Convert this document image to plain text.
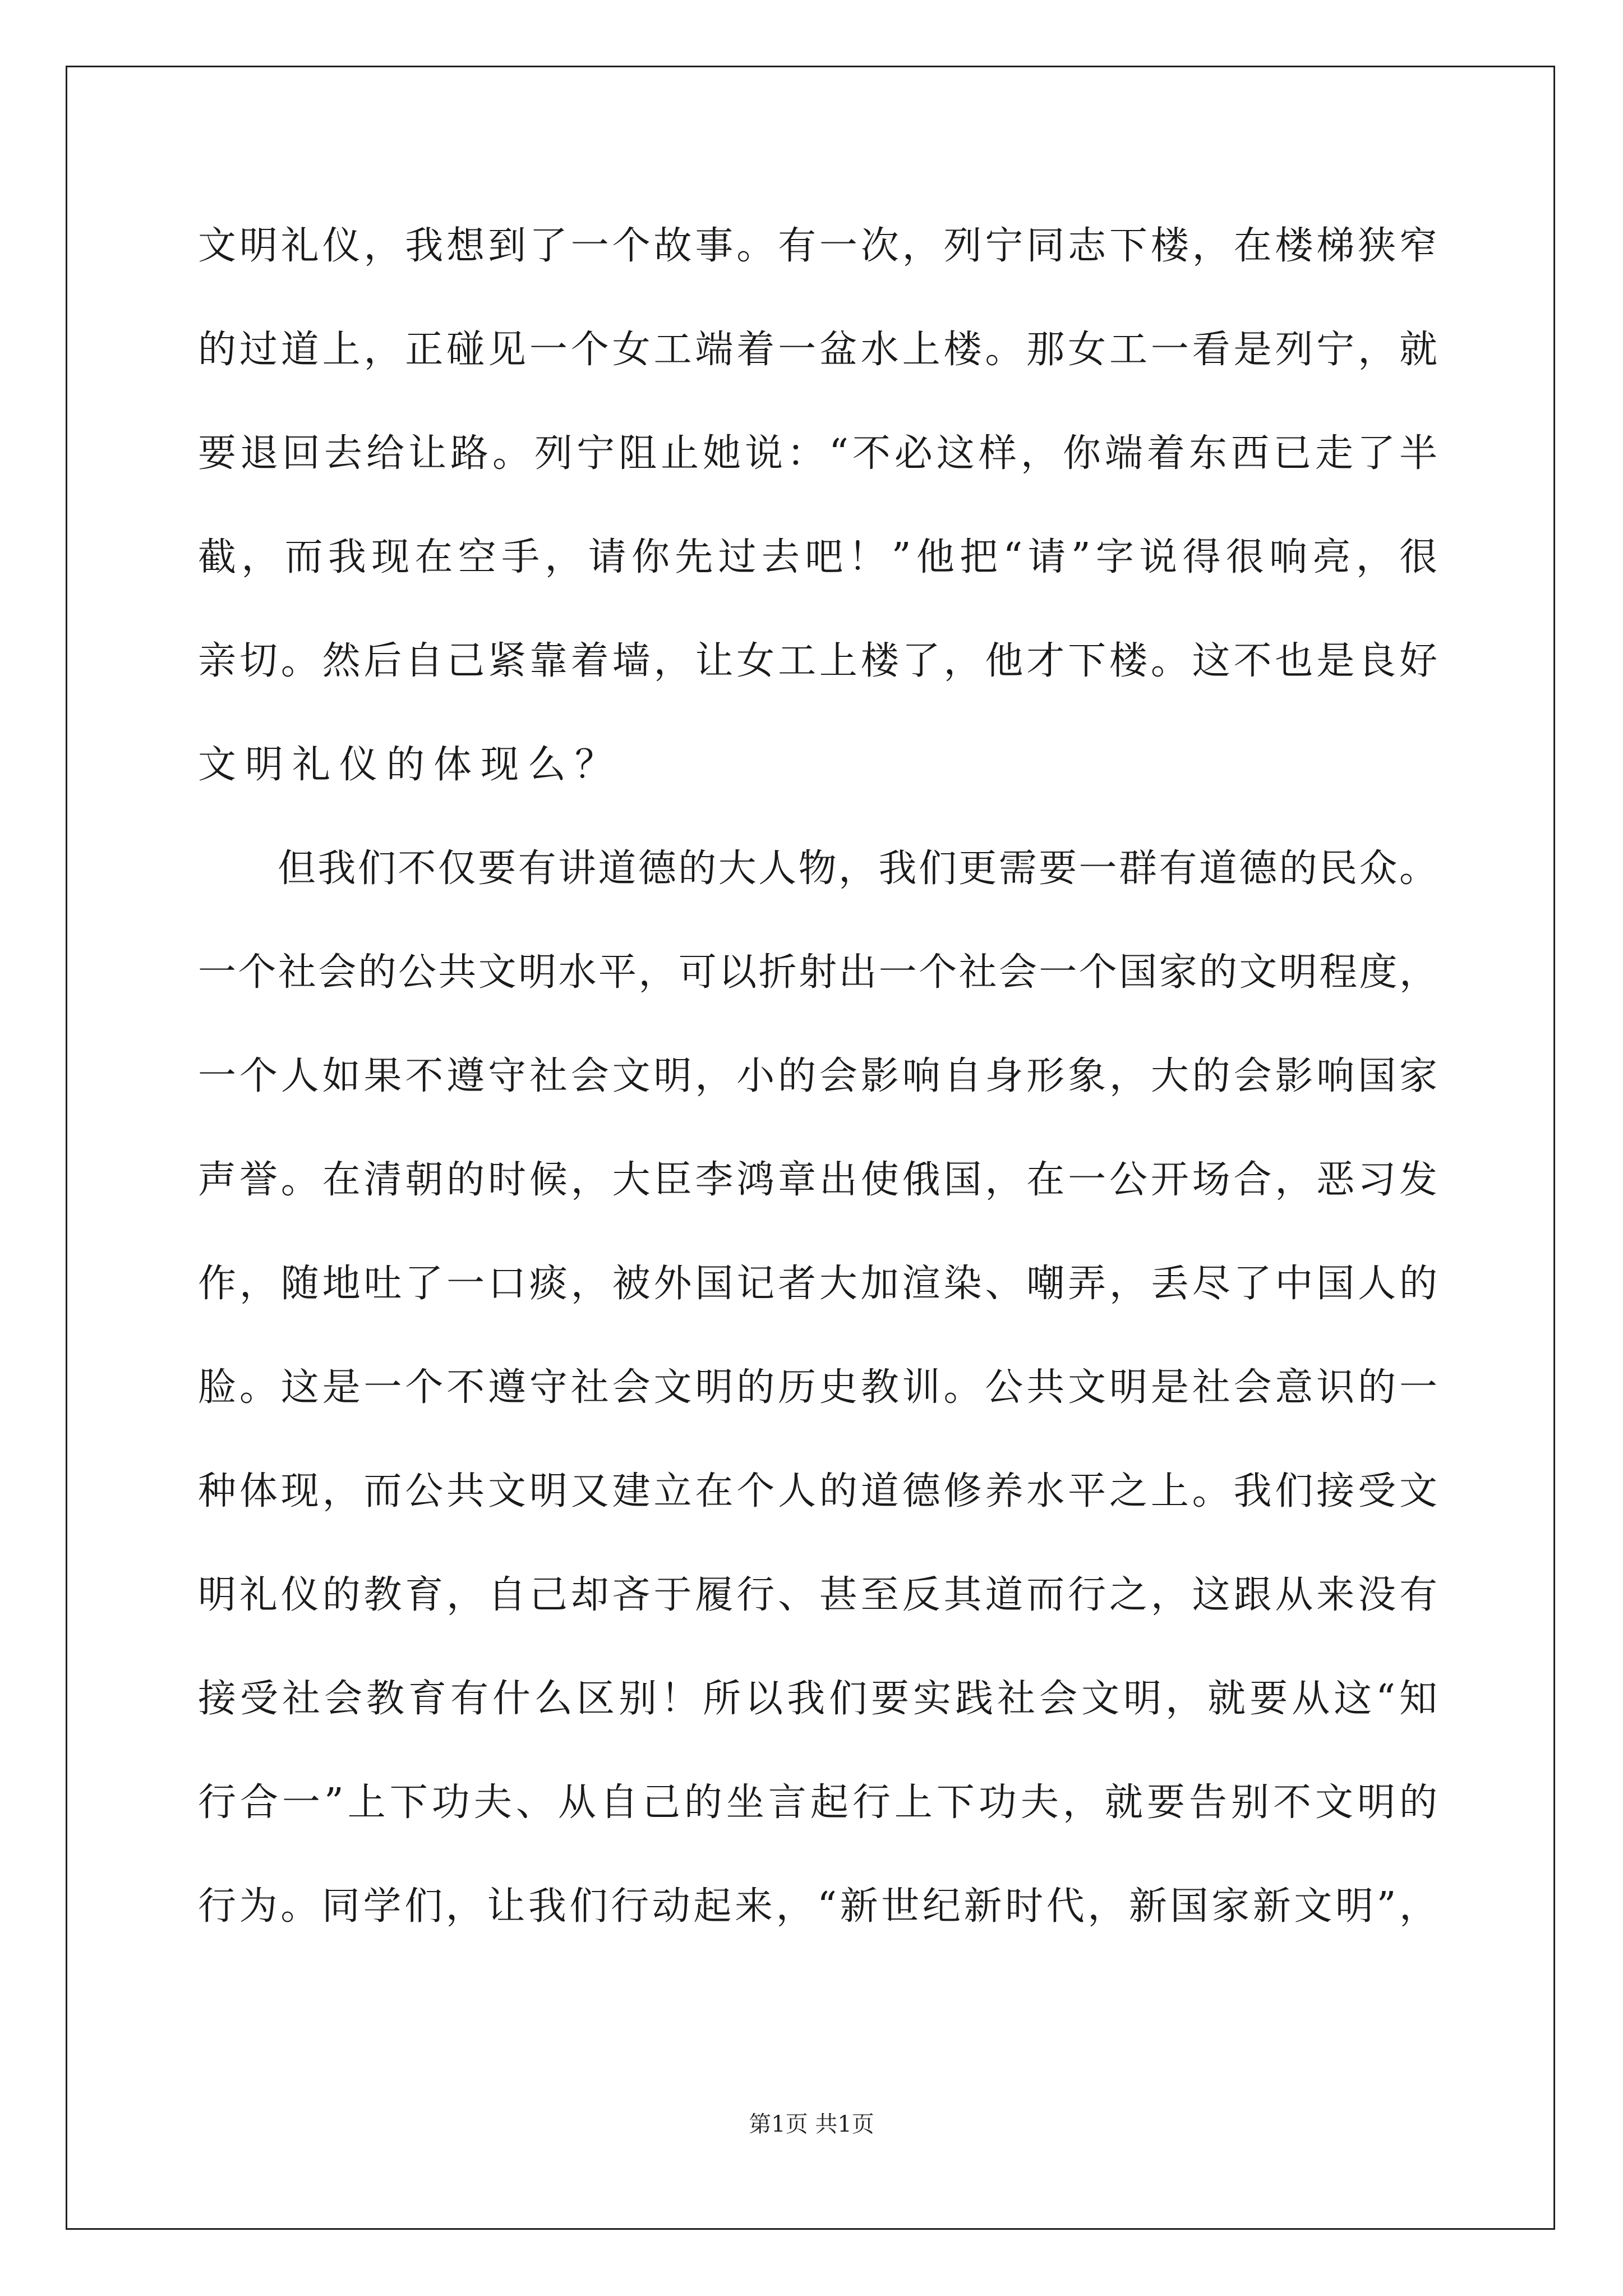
文明礼仪，我想到了一个故事。有一次，列宁同志下楼，在楼梯狭窄
的过道上，正碰见一个女工端着一盆水上楼。那女工一看是列宁，就
要退回去给让路。列宁阻止她说：“不必这样，你端着东西已走了半
截，而我现在空手，请你先过去吧！”他把“请”字说得很响亮，很
亲切。然后自己紧靠着墙，让女工上楼了，他才下楼。这不也是良好
文明礼仪的体现么？
但我们不仅要有讲道德的大人物，我们更需要一群有道德的民众。
一个社会的公共文明水平，可以折射出一个社会一个国家的文明程度，
一个人如果不遵守社会文明，小的会影响自身形象，大的会影响国家
声誉。在清朝的时候，大臣李鸿章出使俄国，在一公开场合，恶习发
作，随地吐了一口痰，被外国记者大加渲染、嘲弄，丢尽了中国人的
脸。这是一个不遵守社会文明的历史教训。公共文明是社会意识的一
种体现，而公共文明又建立在个人的道德修养水平之上。我们接受文
明礼仪的教育，自己却吝于履行、甚至反其道而行之，这跟从来没有
接受社会教育有什么区别！所以我们要实践社会文明，就要从这“知
行合一”上下功夫、从自己的坐言起行上下功夫，就要告别不文明的
行为。同学们，让我们行动起来，“新世纪新时代，新国家新文明”，
第1页 共1页
